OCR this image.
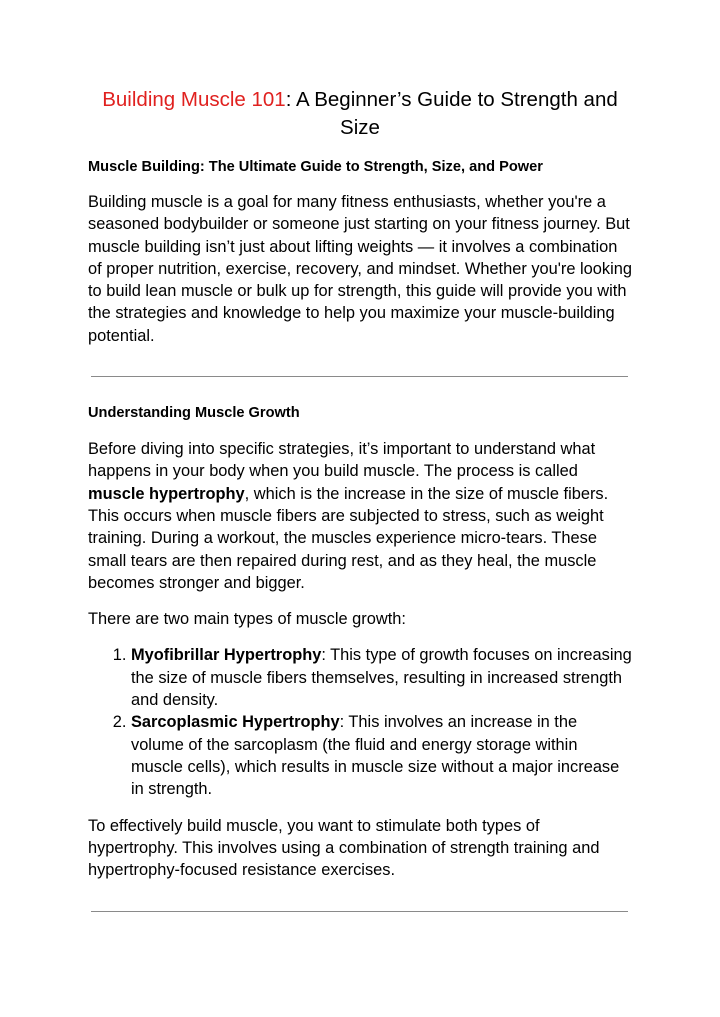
Building Muscle 101: A Beginner’s Guide to Strength and Size
Muscle Building: The Ultimate Guide to Strength, Size, and Power

Building muscle is a goal for many fitness enthusiasts, whether you're a seasoned bodybuilder or someone just starting on your fitness journey. But muscle building isn’t just about lifting weights — it involves a combination of proper nutrition, exercise, recovery, and mindset. Whether you're looking to build lean muscle or bulk up for strength, this guide will provide you with the strategies and knowledge to help you maximize your muscle-building potential.

Understanding Muscle Growth

Before diving into specific strategies, it’s important to understand what happens in your body when you build muscle. The process is called muscle hypertrophy, which is the increase in the size of muscle fibers. This occurs when muscle fibers are subjected to stress, such as weight training. During a workout, the muscles experience micro-tears. These small tears are then repaired during rest, and as they heal, the muscle becomes stronger and bigger.

There are two main types of muscle growth:

1. Myofibrillar Hypertrophy: This type of growth focuses on increasing the size of muscle fibers themselves, resulting in increased strength and density.
2. Sarcoplasmic Hypertrophy: This involves an increase in the volume of the sarcoplasm (the fluid and energy storage within muscle cells), which results in muscle size without a major increase in strength.

To effectively build muscle, you want to stimulate both types of hypertrophy. This involves using a combination of strength training and hypertrophy-focused resistance exercises.
